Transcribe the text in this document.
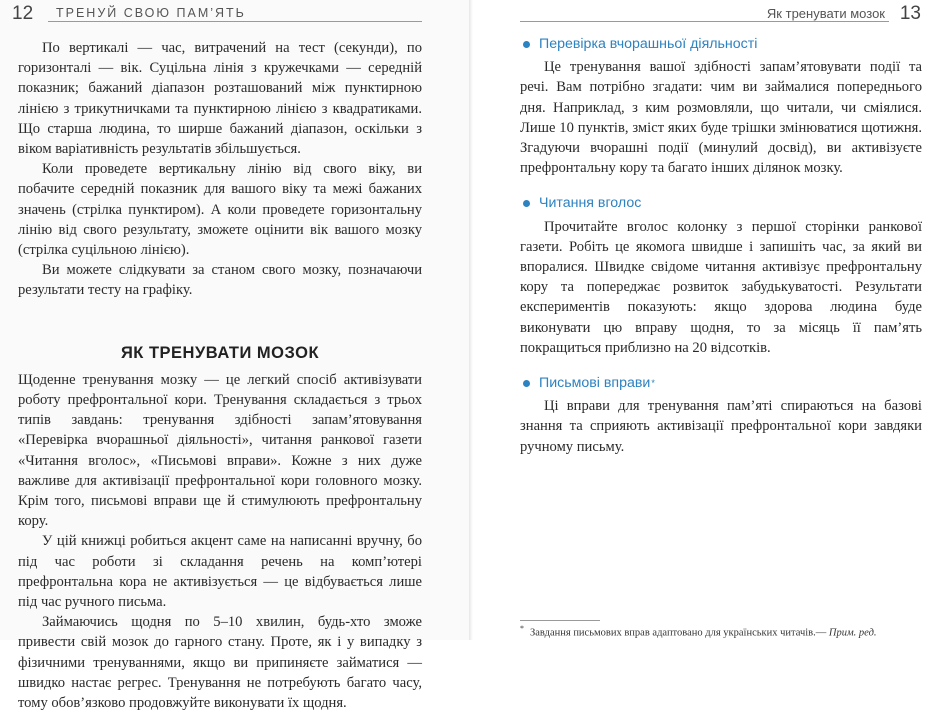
12 ТРЕНУЙ СВОЮ ПАМ’ЯТЬ	Як тренувати мозок 13

По вертикалі — час, витрачений на тест (секунди), по горизонталі — вік. Суцільна лінія з кружечками — середній показник; бажаний діапазон розташований між пунктирною лінією з трикутничками та пунктирною лінією з квадратиками. Що старша людина, то ширше бажаний діапазон, оскільки з віком варіативність результатів збільшується.

Коли проведете вертикальну лінію від свого віку, ви побачите середній показник для вашого віку та межі бажаних значень (стрілка пунктиром). А коли проведете горизонтальну лінію від свого результату, зможете оцінити вік вашого мозку (стрілка суцільною лінією).

Ви можете слідкувати за станом свого мозку, позначаючи результати тесту на графіку.

ЯК ТРЕНУВАТИ МОЗОК

Щоденне тренування мозку — це легкий спосіб активізувати роботу префронтальної кори. Тренування складається з трьох типів завдань: тренування здібності запам’ятовування «Перевірка вчорашньої діяльності», читання ранкової газети «Читання вголос», «Письмові вправи». Кожне з них дуже важливе для активізації префронтальної кори головного мозку. Крім того, письмові вправи ще й стимулюють префронтальну кору.

У цій книжці робиться акцент саме на написанні вручну, бо під час роботи зі складання речень на комп’ютері префронтальна кора не активізується — це відбувається лише під час ручного письма.

Займаючись щодня по 5–10 хвилин, будь-хто зможе привести свій мозок до гарного стану. Проте, як і у випадку з фізичними тренуваннями, якщо ви припиняєте займатися — швидко настає регрес. Тренування не потребують багато часу, тому обов’язково продовжуйте виконувати їх щодня.

Перевірка вчорашньої діяльності

Це тренування вашої здібності запам’ятовувати події та речі. Вам потрібно згадати: чим ви займалися попереднього дня. Наприклад, з ким розмовляли, що читали, чи сміялися. Лише 10 пунктів, зміст яких буде трішки змінюватися щотижня. Згадуючи вчорашні події (минулий досвід), ви активізуєте префронтальну кору та багато інших ділянок мозку.

Читання вголос

Прочитайте вголос колонку з першої сторінки ранкової газети. Робіть це якомога швидше і запишіть час, за який ви впоралися. Швидке свідоме читання активізує префронтальну кору та попереджає розвиток забудькуватості. Результати експериментів показують: якщо здорова людина буде виконувати цю вправу щодня, то за місяць її пам’ять покращиться приблизно на 20 відсотків.

Письмові вправи *

Ці вправи для тренування пам’яті спираються на базові знання та сприяють активізації префронтальної кори завдяки ручному письму.

* Завдання письмових вправ адаптовано для українських читачів.— Прим. ред.
